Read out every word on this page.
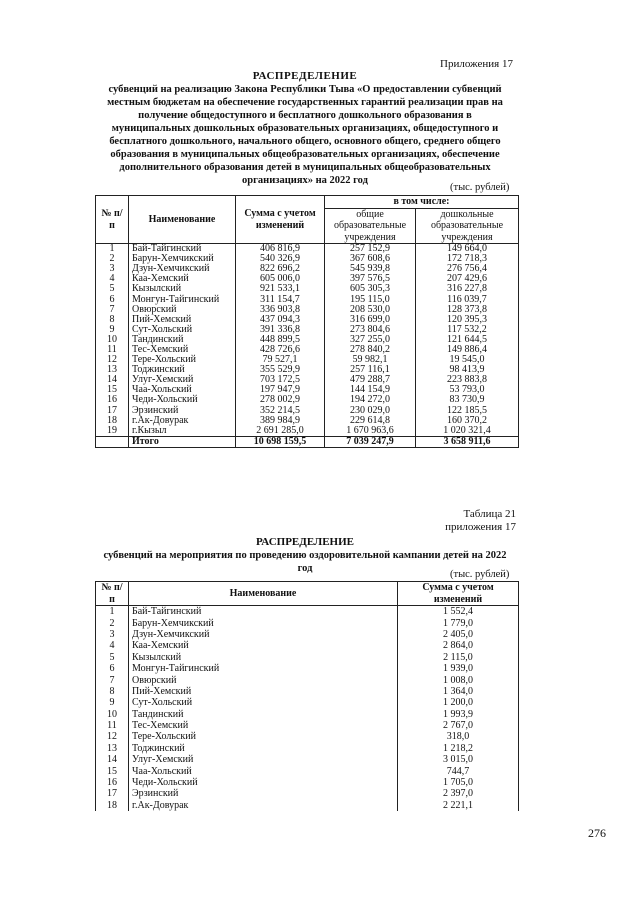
Приложения 17
РАСПРЕДЕЛЕНИЕ
субвенций на реализацию Закона Республики Тыва «О предоставлении субвенций
местным бюджетам на обеспечение государственных гарантий реализации прав на
получение общедоступного и бесплатного дошкольного образования в
муниципальных дошкольных образовательных организациях, общедоступного и
бесплатного дошкольного, начального общего, основного общего, среднего общего
образования в муниципальных общеобразовательных организациях, обеспечение
дополнительного образования детей в муниципальных общеобразовательных
организациях» на 2022 год
(тыс. рублей)
№ п/п	Наименование	Сумма с учетом изменений	в том числе:	
			общие образовательные учреждения	дошкольные образовательные учреждения
1	Бай-Тайгинский	406 816,9	257 152,9	149 664,0
2	Барун-Хемчикский	540 326,9	367 608,6	172 718,3
3	Дзун-Хемчикский	822 696,2	545 939,8	276 756,4
4	Каа-Хемский	605 006,0	397 576,5	207 429,6
5	Кызылский	921 533,1	605 305,3	316 227,8
6	Монгун-Тайгинский	311 154,7	195 115,0	116 039,7
7	Овюрский	336 903,8	208 530,0	128 373,8
8	Пий-Хемский	437 094,3	316 699,0	120 395,3
9	Сут-Хольский	391 336,8	273 804,6	117 532,2
10	Тандинский	448 899,5	327 255,0	121 644,5
11	Тес-Хемский	428 726,6	278 840,2	149 886,4
12	Тере-Хольский	79 527,1	59 982,1	19 545,0
13	Тоджинский	355 529,9	257 116,1	98 413,9
14	Улуг-Хемский	703 172,5	479 288,7	223 883,8
15	Чаа-Хольский	197 947,9	144 154,9	53 793,0
16	Чеди-Хольский	278 002,9	194 272,0	83 730,9
17	Эрзинский	352 214,5	230 029,0	122 185,5
18	г.Ак-Довурак	389 984,9	229 614,8	160 370,2
19	г.Кызыл	2 691 285,0	1 670 963,6	1 020 321,4
	Итого	10 698 159,5	7 039 247,9	3 658 911,6
Таблица 21
приложения 17
РАСПРЕДЕЛЕНИЕ
субвенций на мероприятия по проведению оздоровительной кампании детей на 2022
год
(тыс. рублей)
№ п/п	Наименование	Сумма с учетом изменений
1	Бай-Тайгинский	1 552,4
2	Барун-Хемчикский	1 779,0
3	Дзун-Хемчикский	2 405,0
4	Каа-Хемский	2 864,0
5	Кызылский	2 115,0
6	Монгун-Тайгинский	1 939,0
7	Овюрский	1 008,0
8	Пий-Хемский	1 364,0
9	Сут-Хольский	1 200,0
10	Тандинский	1 993,9
11	Тес-Хемский	2 767,0
12	Тере-Хольский	318,0
13	Тоджинский	1 218,2
14	Улуг-Хемский	3 015,0
15	Чаа-Хольский	744,7
16	Чеди-Хольский	1 705,0
17	Эрзинский	2 397,0
18	г.Ак-Довурак	2 221,1
276
